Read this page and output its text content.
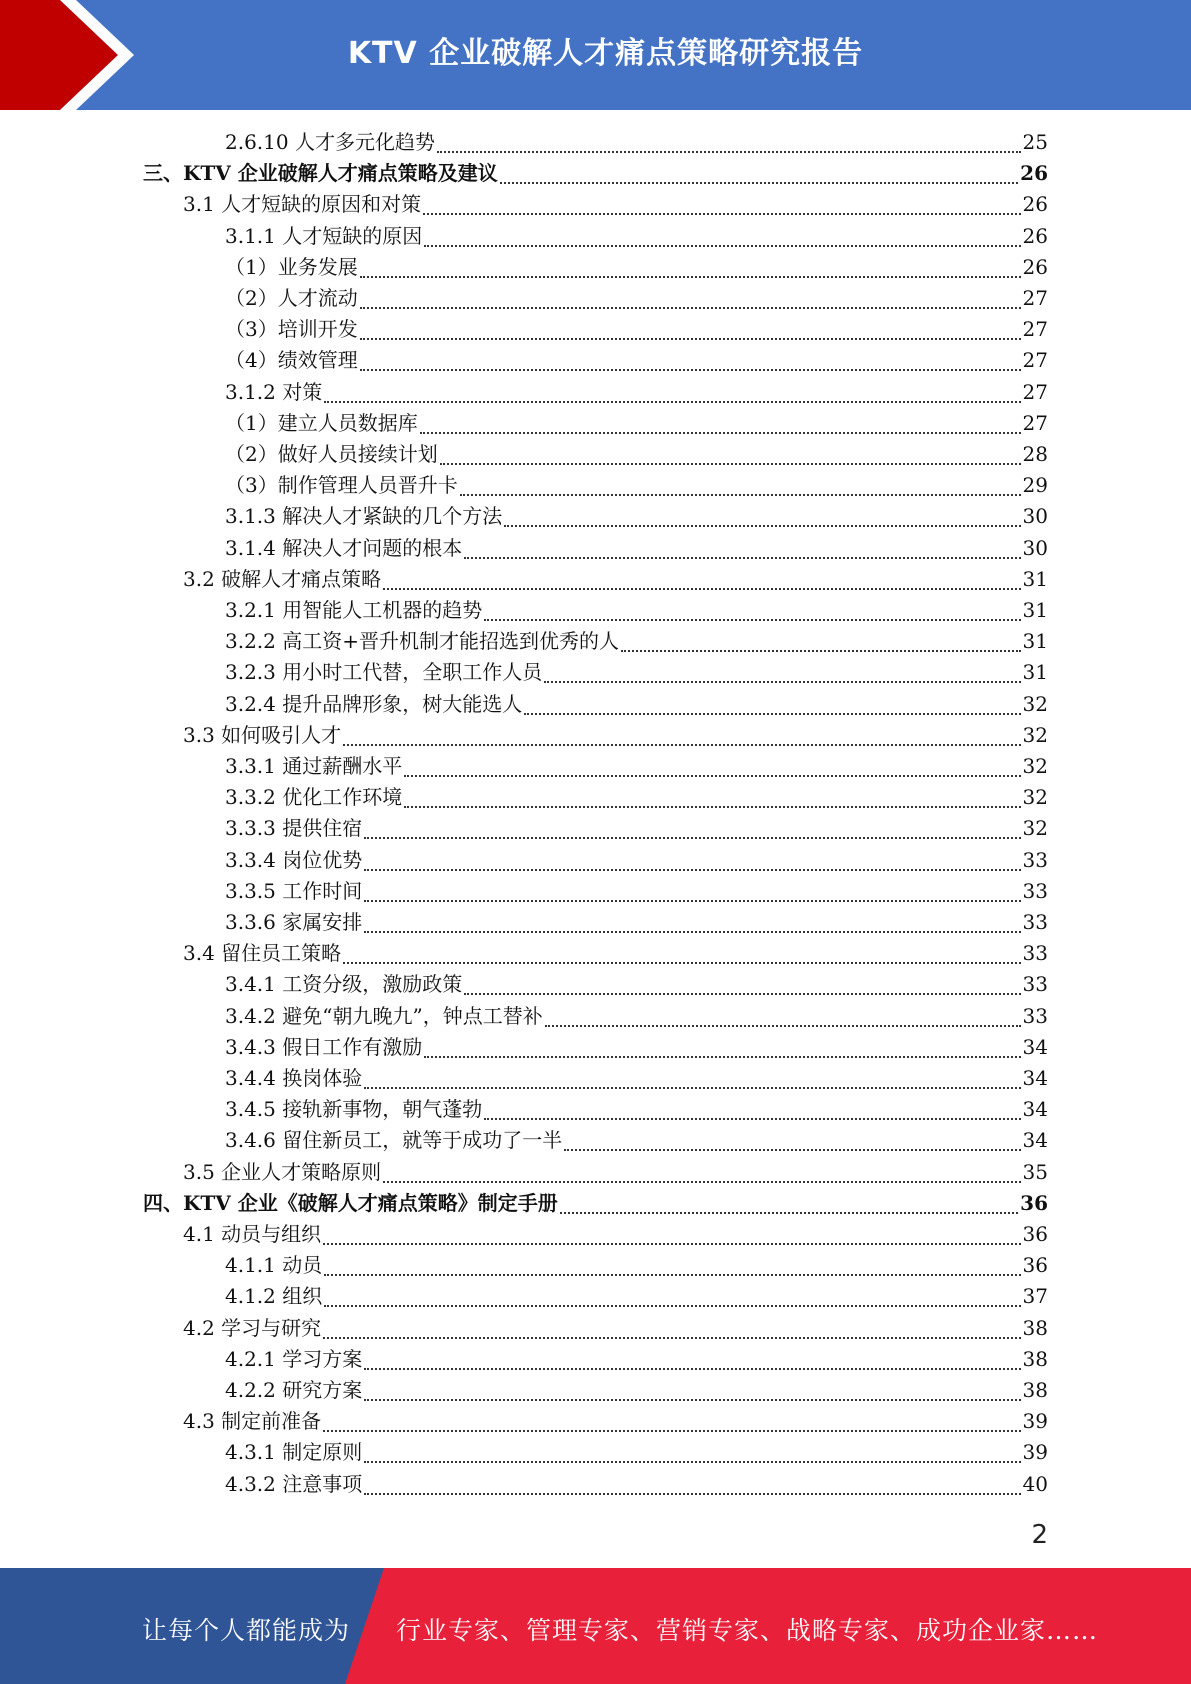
KTV 企业破解人才痛点策略研究报告
2.6.10 人才多元化趋势	25
三、KTV 企业破解人才痛点策略及建议	26
3.1 人才短缺的原因和对策	26
3.1.1 人才短缺的原因	26
（1）业务发展	26
（2）人才流动	27
（3）培训开发	27
（4）绩效管理	27
3.1.2 对策	27
（1）建立人员数据库	27
（2）做好人员接续计划	28
（3）制作管理人员晋升卡	29
3.1.3 解决人才紧缺的几个方法	30
3.1.4 解决人才问题的根本	30
3.2 破解人才痛点策略	31
3.2.1 用智能人工机器的趋势	31
3.2.2 高工资+晋升机制才能招选到优秀的人	31
3.2.3 用小时工代替，全职工作人员	31
3.2.4 提升品牌形象，树大能选人	32
3.3 如何吸引人才	32
3.3.1 通过薪酬水平	32
3.3.2 优化工作环境	32
3.3.3 提供住宿	32
3.3.4 岗位优势	33
3.3.5 工作时间	33
3.3.6 家属安排	33
3.4 留住员工策略	33
3.4.1 工资分级，激励政策	33
3.4.2 避免“朝九晚九”，钟点工替补	33
3.4.3 假日工作有激励	34
3.4.4 换岗体验	34
3.4.5 接轨新事物，朝气蓬勃	34
3.4.6 留住新员工，就等于成功了一半	34
3.5 企业人才策略原则	35
四、KTV 企业《破解人才痛点策略》制定手册	36
4.1 动员与组织	36
4.1.1 动员	36
4.1.2 组织	37
4.2 学习与研究	38
4.2.1 学习方案	38
4.2.2 研究方案	38
4.3 制定前准备	39
4.3.1 制定原则	39
4.3.2 注意事项	40
2
让每个人都能成为 行业专家、管理专家、营销专家、战略专家、成功企业家……
